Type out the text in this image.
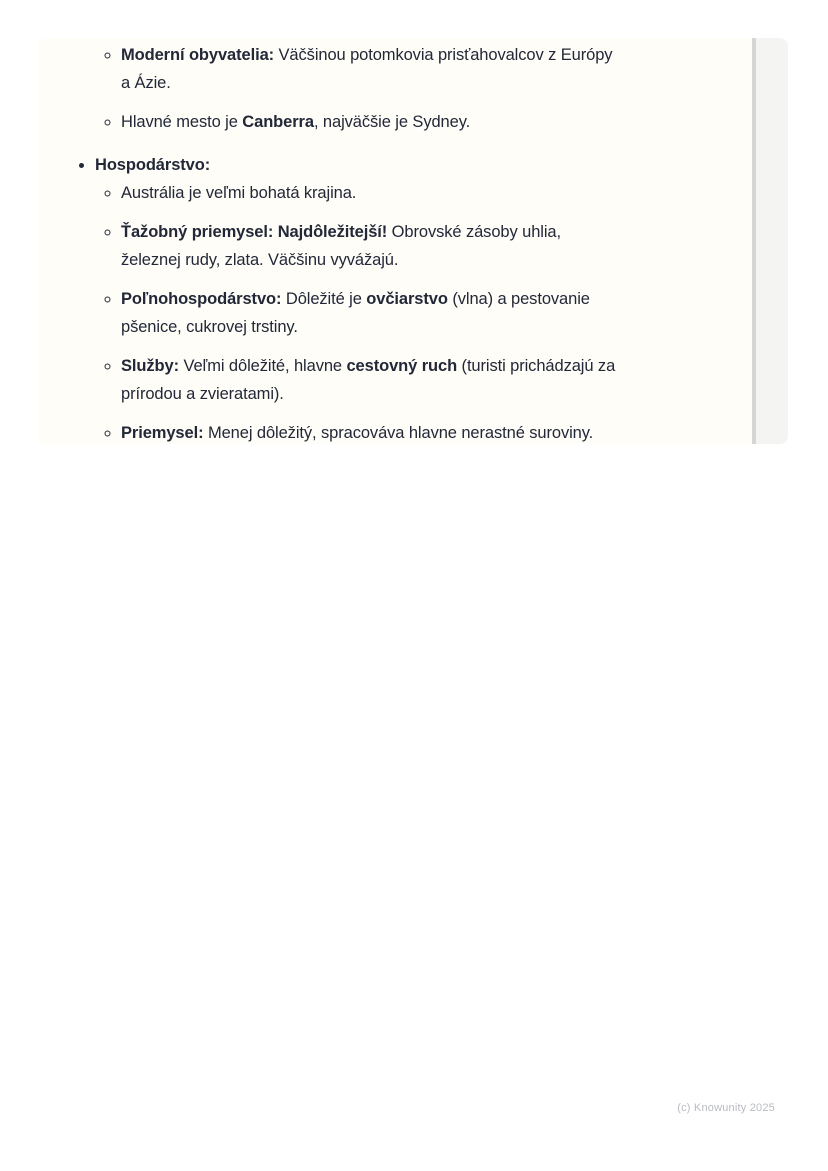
◦ Moderní obyvatelia: Väčšinou potomkovia prisťahovalcov z Európy a Ázie.
◦ Hlavné mesto je Canberra, najväčšie je Sydney.
• Hospodárstvo:
◦ Austrália je veľmi bohatá krajina.
◦ Ťažobný priemysel: Najdôležitejší! Obrovské zásoby uhlia, železnej rudy, zlata. Väčšinu vyvážajú.
◦ Poľnohospodárstvo: Dôležité je ovčiarstvo (vlna) a pestovanie pšenice, cukrovej trstiny.
◦ Služby: Veľmi dôležité, hlavne cestovný ruch (turisti prichádzajú za prírodou a zvieratami).
◦ Priemysel: Menej dôležitý, spracováva hlavne nerastné suroviny.
(c) Knowunity 2025
